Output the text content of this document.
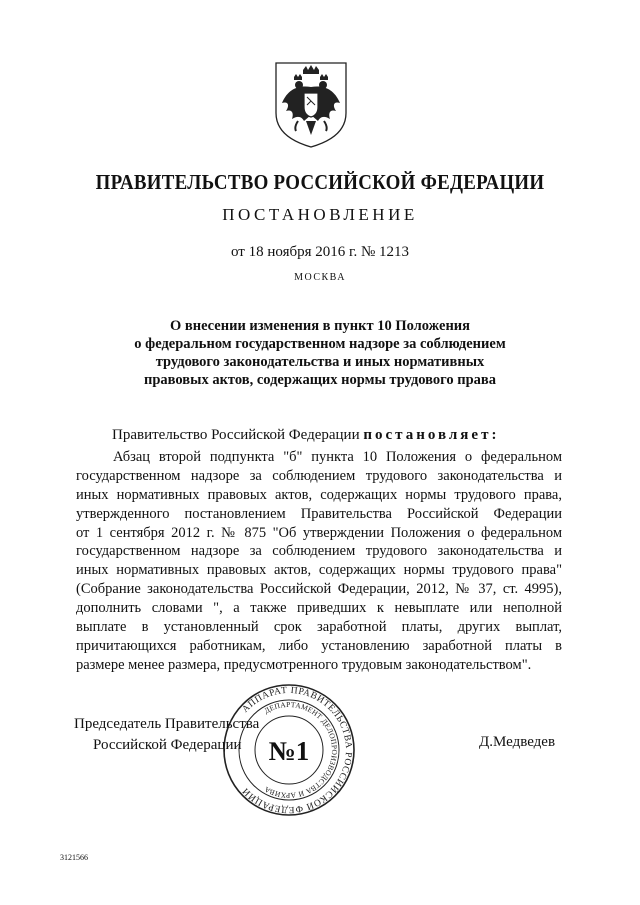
ПРАВИТЕЛЬСТВО РОССИЙСКОЙ ФЕДЕРАЦИИ
ПОСТАНОВЛЕНИЕ
от 18 ноября 2016 г. № 1213
МОСКВА
О внесении изменения в пункт 10 Положения
о федеральном государственном надзоре за соблюдением
трудового законодательства и иных нормативных
правовых актов, содержащих нормы трудового права
Правительство Российской Федерации постановляет:
Абзац второй подпункта "б" пункта 10 Положения о федеральном
государственном надзоре за соблюдением трудового законодательства и
иных нормативных правовых актов, содержащих нормы трудового права,
утвержденного постановлением Правительства Российской Федерации
от 1 сентября 2012 г. № 875 "Об утверждении Положения о федеральном
государственном надзоре за соблюдением трудового законодательства и
иных нормативных правовых актов, содержащих нормы трудового права"
(Собрание законодательства Российской Федерации, 2012, № 37, ст. 4995),
дополнить словами ", а также приведших к невыплате или неполной
выплате в установленный срок заработной платы, других выплат,
причитающихся работникам, либо установлению заработной платы в
размере менее размера, предусмотренного трудовым законодательством".
Председатель Правительства
Российской Федерации	Д.Медведев
АППАРАТ ПРАВИТЕЛЬСТВА РОССИЙСКОЙ ФЕДЕРАЦИИ
ДЕПАРТАМЕНТ ДЕЛОПРОИЗВОДСТВА И АРХИВА
№1
3121566
